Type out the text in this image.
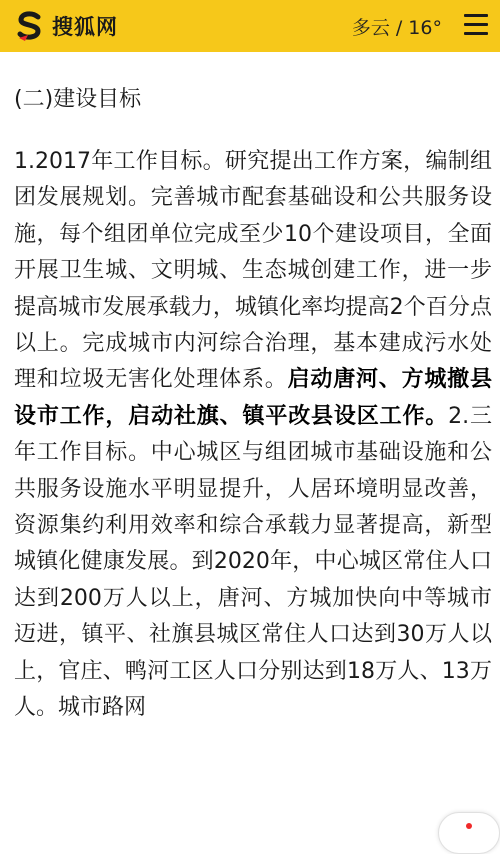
搜狐网	多云 / 16°

(二)建设目标

1.2017年工作目标。研究提出工作方案，编制组团发展规划。完善城市配套基础设和公共服务设施，每个组团单位完成至少10个建设项目，全面开展卫生城、文明城、生态城创建工作，进一步提高城市发展承载力，城镇化率均提高2个百分点以上。完成城市内河综合治理，基本建成污水处理和垃圾无害化处理体系。启动唐河、方城撤县设市工作，启动社旗、镇平改县设区工作。2.三年工作目标。中心城区与组团城市基础设施和公共服务设施水平明显提升，人居环境明显改善，资源集约利用效率和综合承载力显著提高，新型城镇化健康发展。到2020年，中心城区常住人口达到200万人以上，唐河、方城加快向中等城市迈进，镇平、社旗县城区常住人口达到30万人以上，官庄、鸭河工区人口分别达到18万人、13万人。城市路网
